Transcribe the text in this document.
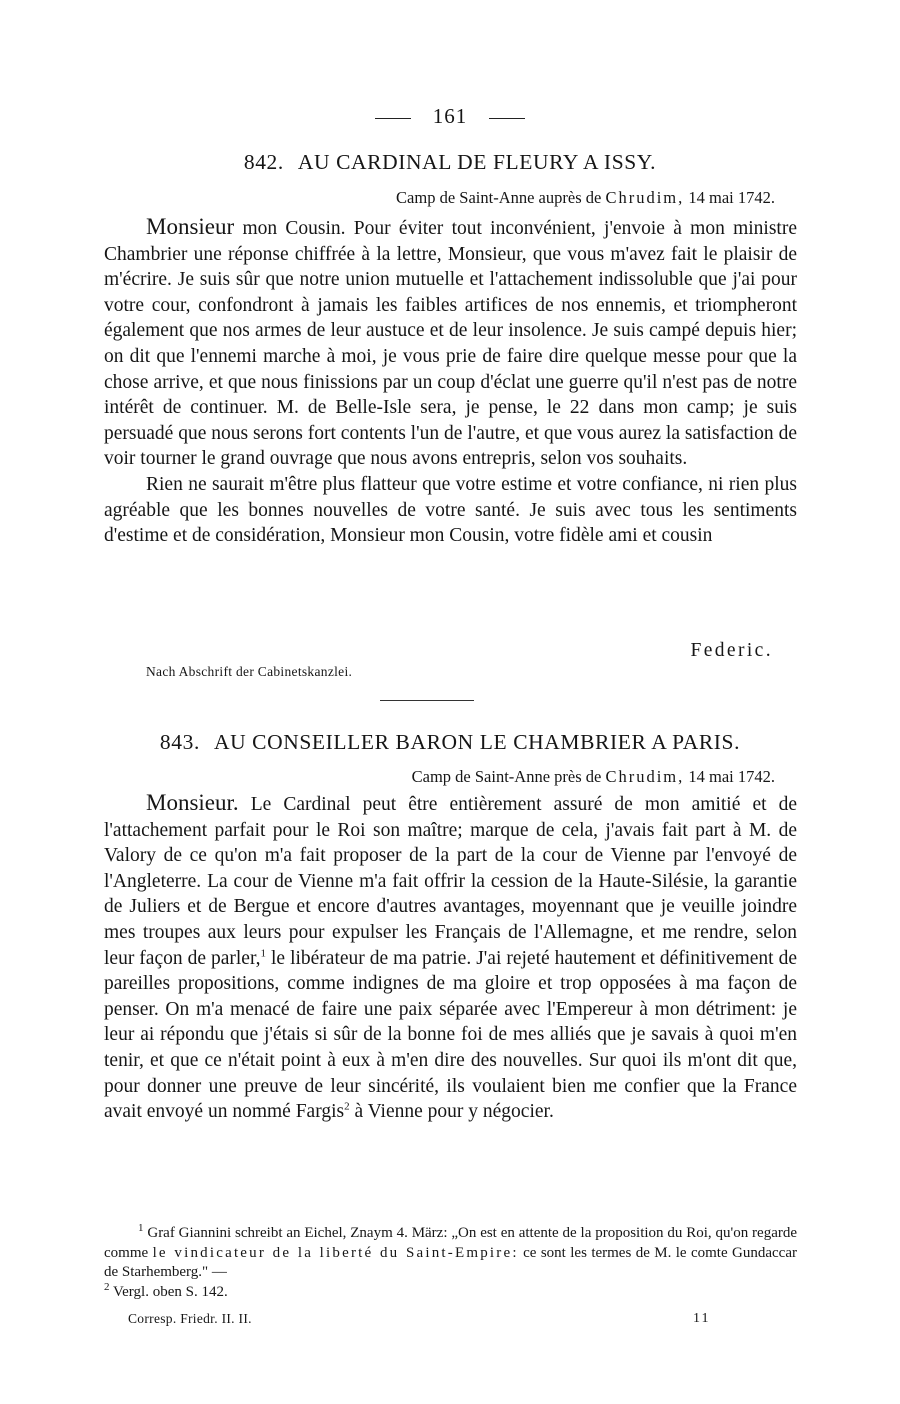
161
842. AU CARDINAL DE FLEURY A ISSY.
Camp de Saint-Anne auprès de Chrudim, 14 mai 1742.
Monsieur mon Cousin. Pour éviter tout inconvénient, j'envoie à mon ministre Chambrier une réponse chiffrée à la lettre, Monsieur, que vous m'avez fait le plaisir de m'écrire. Je suis sûr que notre union mutuelle et l'attachement indissoluble que j'ai pour votre cour, confondront à jamais les faibles artifices de nos ennemis, et triompheront également que nos armes de leur austuce et de leur insolence. Je suis campé depuis hier; on dit que l'ennemi marche à moi, je vous prie de faire dire quelque messe pour que la chose arrive, et que nous finissions par un coup d'éclat une guerre qu'il n'est pas de notre intérêt de continuer. M. de Belle-Isle sera, je pense, le 22 dans mon camp; je suis persuadé que nous serons fort contents l'un de l'autre, et que vous aurez la satisfaction de voir tourner le grand ouvrage que nous avons entrepris, selon vos souhaits.
Rien ne saurait m'être plus flatteur que votre estime et votre confiance, ni rien plus agréable que les bonnes nouvelles de votre santé. Je suis avec tous les sentiments d'estime et de considération, Monsieur mon Cousin, votre fidèle ami et cousin
Federic.
Nach Abschrift der Cabinetskanzlei.
843. AU CONSEILLER BARON LE CHAMBRIER A PARIS.
Camp de Saint-Anne près de Chrudim, 14 mai 1742.
Monsieur. Le Cardinal peut être entièrement assuré de mon amitié et de l'attachement parfait pour le Roi son maître; marque de cela, j'avais fait part à M. de Valory de ce qu'on m'a fait proposer de la part de la cour de Vienne par l'envoyé de l'Angleterre. La cour de Vienne m'a fait offrir la cession de la Haute-Silésie, la garantie de Juliers et de Bergue et encore d'autres avantages, moyennant que je veuille joindre mes troupes aux leurs pour expulser les Français de l'Allemagne, et me rendre, selon leur façon de parler,$^1$ le libérateur de ma patrie. J'ai rejeté hautement et définitivement de pareilles propositions, comme indignes de ma gloire et trop opposées à ma façon de penser. On m'a menacé de faire une paix séparée avec l'Empereur à mon détriment: je leur ai répondu que j'étais si sûr de la bonne foi de mes alliés que je savais à quoi m'en tenir, et que ce n'était point à eux à m'en dire des nouvelles. Sur quoi ils m'ont dit que, pour donner une preuve de leur sincérité, ils voulaient bien me confier que la France avait envoyé un nommé Fargis$^2$ à Vienne pour y négocier.
$^1$ Graf Giannini schreibt an Eichel, Znaym 4. März: „On est en attente de la proposition du Roi, qu'on regarde comme le vindicateur de la liberté du Saint-Empire: ce sont les termes de M. le comte Gundaccar de Starhemberg." —
$^2$ Vergl. oben S. 142.
Corresp. Friedr. II. II.	11
